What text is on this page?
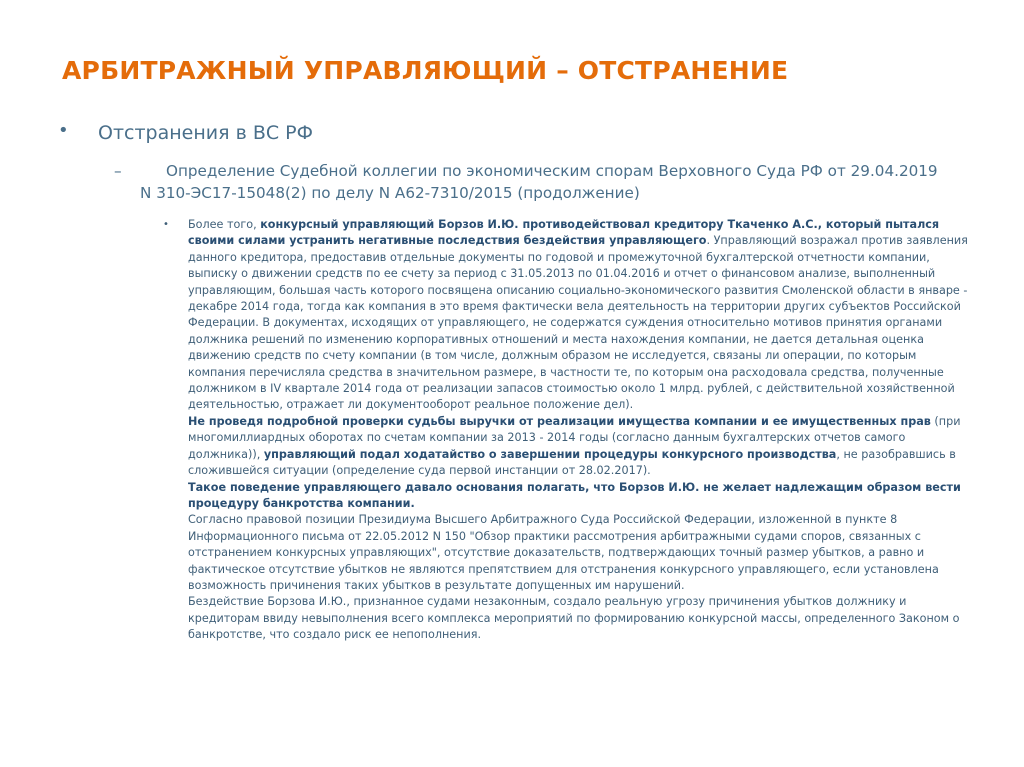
АРБИТРАЖНЫЙ УПРАВЛЯЮЩИЙ – ОТСТРАНЕНИЕ
• Отстранения в ВС РФ
–	Определение Судебной коллегии по экономическим спорам Верховного Суда РФ от 29.04.2019 N 310-ЭС17-15048(2) по делу N А62-7310/2015 (продолжение)
• Более того, конкурсный управляющий Борзов И.Ю. противодействовал кредитору Ткаченко А.С., который пытался своими силами устранить негативные последствия бездействия управляющего. Управляющий возражал против заявления данного кредитора, предоставив отдельные документы по годовой и промежуточной бухгалтерской отчетности компании, выписку о движении средств по ее счету за период с 31.05.2013 по 01.04.2016 и отчет о финансовом анализе, выполненный управляющим, большая часть которого посвящена описанию социально-экономического развития Смоленской области в январе - декабре 2014 года, тогда как компания в это время фактически вела деятельность на территории других субъектов Российской Федерации. В документах, исходящих от управляющего, не содержатся суждения относительно мотивов принятия органами должника решений по изменению корпоративных отношений и места нахождения компании, не дается детальная оценка движению средств по счету компании (в том числе, должным образом не исследуется, связаны ли операции, по которым компания перечисляла средства в значительном размере, в частности те, по которым она расходовала средства, полученные должником в IV квартале 2014 года от реализации запасов стоимостью около 1 млрд. рублей, с действительной хозяйственной деятельностью, отражает ли документооборот реальное положение дел).

Не проведя подробной проверки судьбы выручки от реализации имущества компании и ее имущественных прав (при многомиллиардных оборотах по счетам компании за 2013 - 2014 годы (согласно данным бухгалтерских отчетов самого должника)), управляющий подал ходатайство о завершении процедуры конкурсного производства, не разобравшись в сложившейся ситуации (определение суда первой инстанции от 28.02.2017).

Такое поведение управляющего давало основания полагать, что Борзов И.Ю. не желает надлежащим образом вести процедуру банкротства компании.

Согласно правовой позиции Президиума Высшего Арбитражного Суда Российской Федерации, изложенной в пункте 8 Информационного письма от 22.05.2012 N 150 "Обзор практики рассмотрения арбитражными судами споров, связанных с отстранением конкурсных управляющих", отсутствие доказательств, подтверждающих точный размер убытков, а равно и фактическое отсутствие убытков не являются препятствием для отстранения конкурсного управляющего, если установлена возможность причинения таких убытков в результате допущенных им нарушений.

Бездействие Борзова И.Ю., признанное судами незаконным, создало реальную угрозу причинения убытков должнику и кредиторам ввиду невыполнения всего комплекса мероприятий по формированию конкурсной массы, определенного Законом о банкротстве, что создало риск ее непополнения.
